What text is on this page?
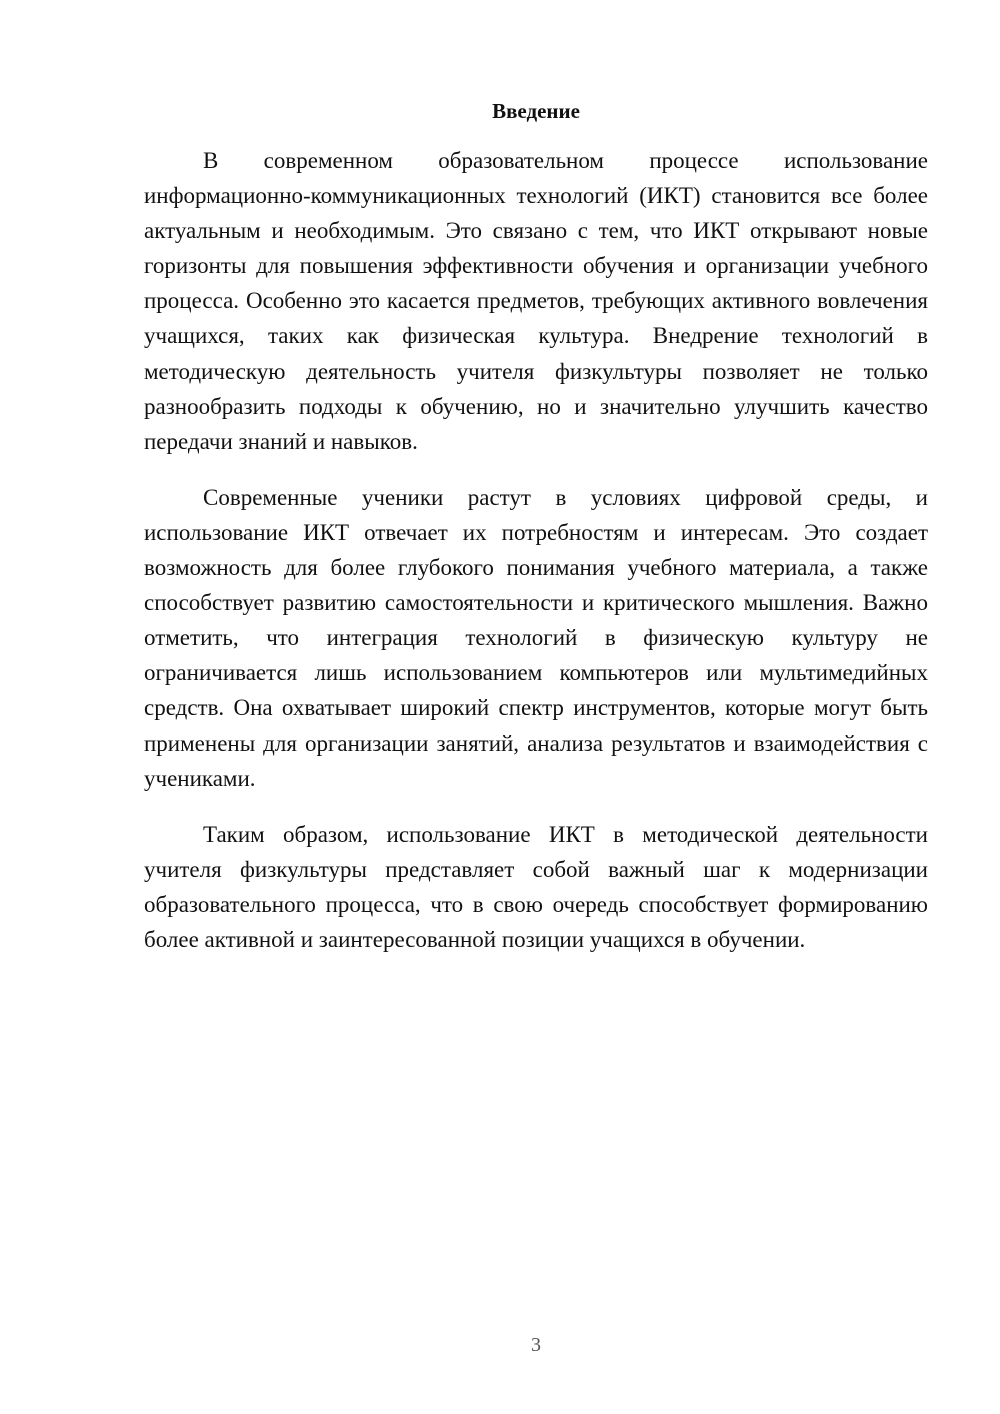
Введение

В современном образовательном процессе использование информационно-коммуникационных технологий (ИКТ) становится все более актуальным и необходимым. Это связано с тем, что ИКТ открывают новые горизонты для повышения эффективности обучения и организации учебного процесса. Особенно это касается предметов, требующих активного вовлечения учащихся, таких как физическая культура. Внедрение технологий в методическую деятельность учителя физкультуры позволяет не только разнообразить подходы к обучению, но и значительно улучшить качество передачи знаний и навыков.

Современные ученики растут в условиях цифровой среды, и использование ИКТ отвечает их потребностям и интересам. Это создает возможность для более глубокого понимания учебного материала, а также способствует развитию самостоятельности и критического мышления. Важно отметить, что интеграция технологий в физическую культуру не ограничивается лишь использованием компьютеров или мультимедийных средств. Она охватывает широкий спектр инструментов, которые могут быть применены для организации занятий, анализа результатов и взаимодействия с учениками.

Таким образом, использование ИКТ в методической деятельности учителя физкультуры представляет собой важный шаг к модернизации образовательного процесса, что в свою очередь способствует формированию более активной и заинтересованной позиции учащихся в обучении.

3
